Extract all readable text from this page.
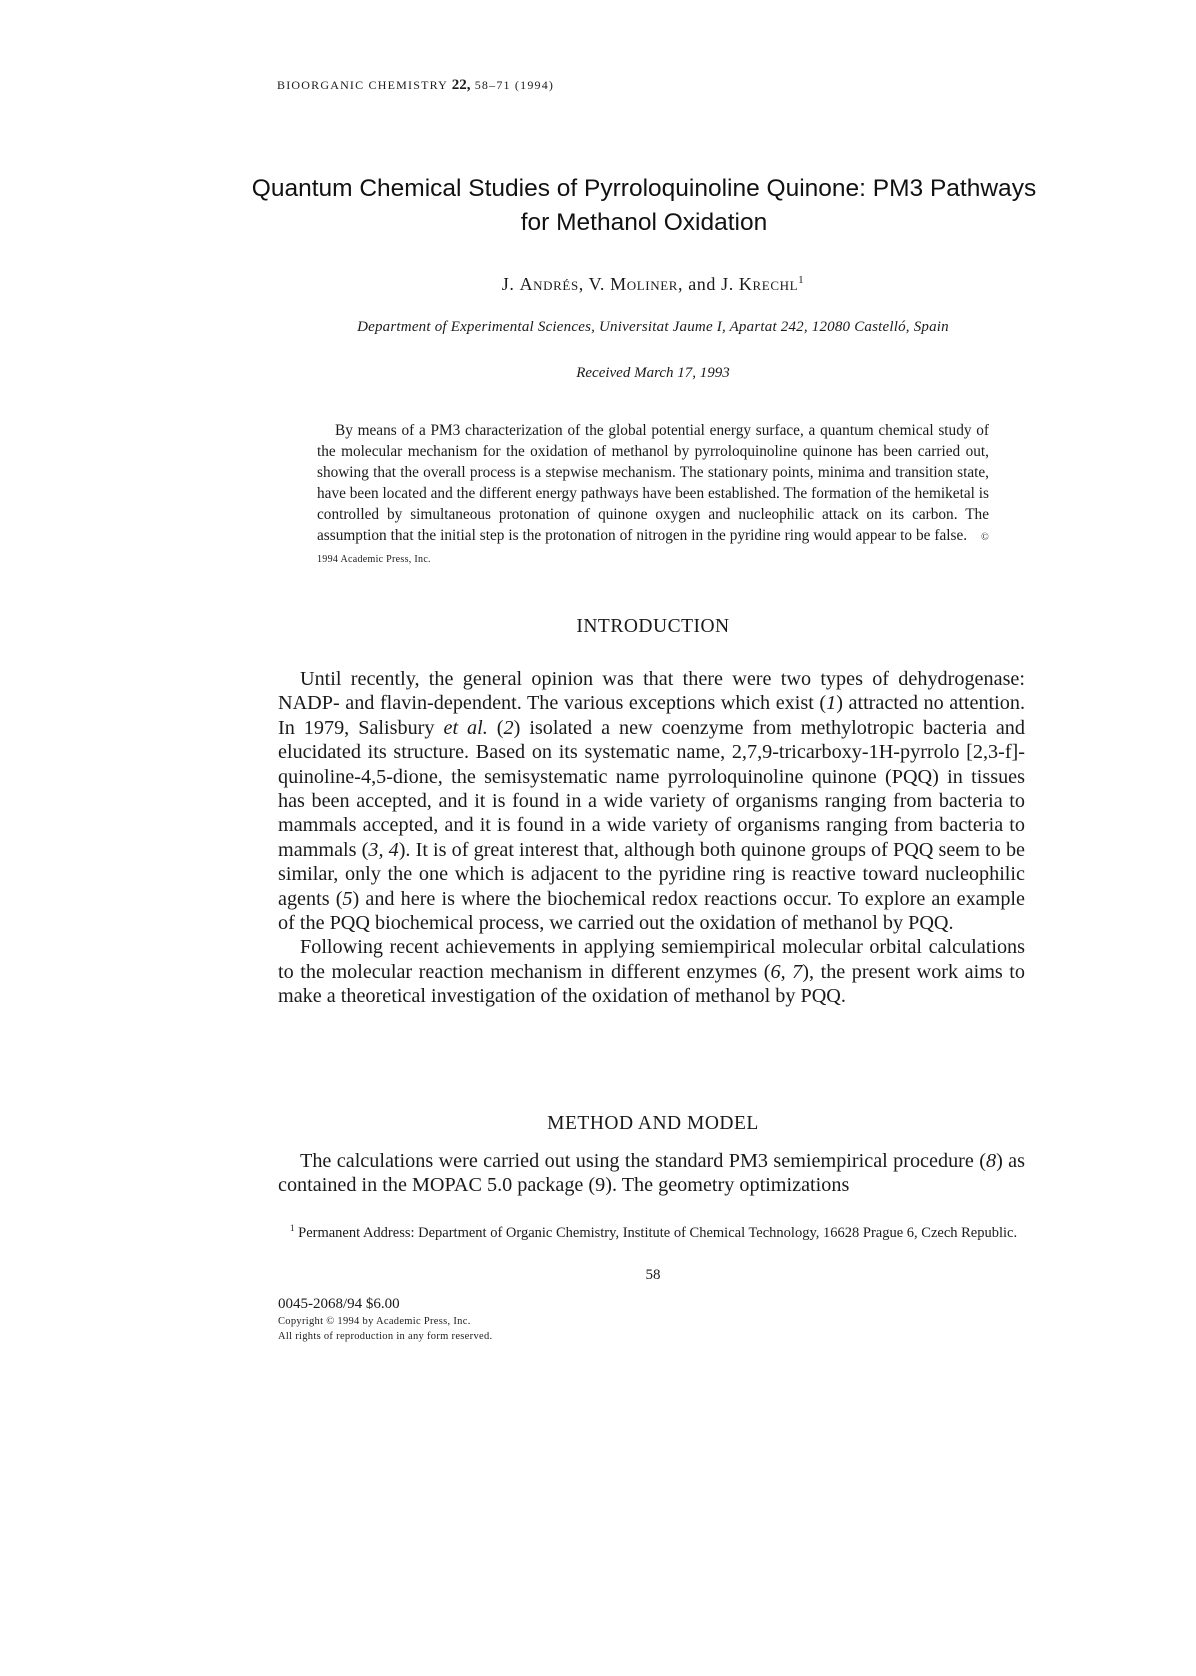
BIOORGANIC CHEMISTRY 22, 58–71 (1994)
Quantum Chemical Studies of Pyrroloquinoline Quinone: PM3 Pathways for Methanol Oxidation
J. Andrés, V. Moliner, and J. Krechl$^1$
Department of Experimental Sciences, Universitat Jaume I, Apartat 242, 12080 Castelló, Spain
Received March 17, 1993
By means of a PM3 characterization of the global potential energy surface, a quantum chemical study of the molecular mechanism for the oxidation of methanol by pyrroloquinoline quinone has been carried out, showing that the overall process is a stepwise mechanism. The stationary points, minima and transition state, have been located and the different energy pathways have been established. The formation of the hemiketal is controlled by simultaneous protonation of quinone oxygen and nucleophilic attack on its carbon. The assumption that the initial step is the protonation of nitrogen in the pyridine ring would appear to be false. © 1994 Academic Press, Inc.
INTRODUCTION

Until recently, the general opinion was that there were two types of dehydrogenase: NADP- and flavin-dependent. The various exceptions which exist (1) attracted no attention. In 1979, Salisbury et al. (2) isolated a new coenzyme from methylotropic bacteria and elucidated its structure. Based on its systematic name, 2,7,9-tricarboxy-1H-pyrrolo [2,3-f]-quinoline-4,5-dione, the semisystematic name pyrroloquinoline quinone (PQQ) in tissues has been accepted, and it is found in a wide variety of organisms ranging from bacteria to mammals accepted, and it is found in a wide variety of organisms ranging from bacteria to mammals (3, 4). It is of great interest that, although both quinone groups of PQQ seem to be similar, only the one which is adjacent to the pyridine ring is reactive toward nucleophilic agents (5) and here is where the biochemical redox reactions occur. To explore an example of the PQQ biochemical process, we carried out the oxidation of methanol by PQQ.

Following recent achievements in applying semiempirical molecular orbital calculations to the molecular reaction mechanism in different enzymes (6, 7), the present work aims to make a theoretical investigation of the oxidation of methanol by PQQ.

METHOD AND MODEL

The calculations were carried out using the standard PM3 semiempirical procedure (8) as contained in the MOPAC 5.0 package (9). The geometry optimizations

$^1$ Permanent Address: Department of Organic Chemistry, Institute of Chemical Technology, 16628 Prague 6, Czech Republic.
58
0045-2068/94 $6.00
Copyright © 1994 by Academic Press, Inc.
All rights of reproduction in any form reserved.
